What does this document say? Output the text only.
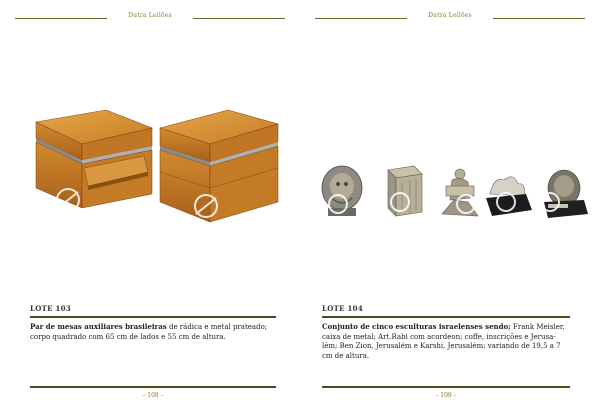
Dutra Leilões
LOTE 103
Par de mesas auxiliares brasileiras de rádica e metal prateado; corpo quadrado com 65 cm de lados e 55 cm de altura.
– 108 –
Dutra Leilões
LOTE 104
Conjunto de cinco esculturas israelenses sendo; Frank Meisler, caixa de metal; Art.Rabi com acordeon; coffe, inscrições e Jerusa-lém; Ben Zion, Jerusalém e Karshi, Jerusalém; variando de 19,5 a 7 cm de altura.
– 109 –
